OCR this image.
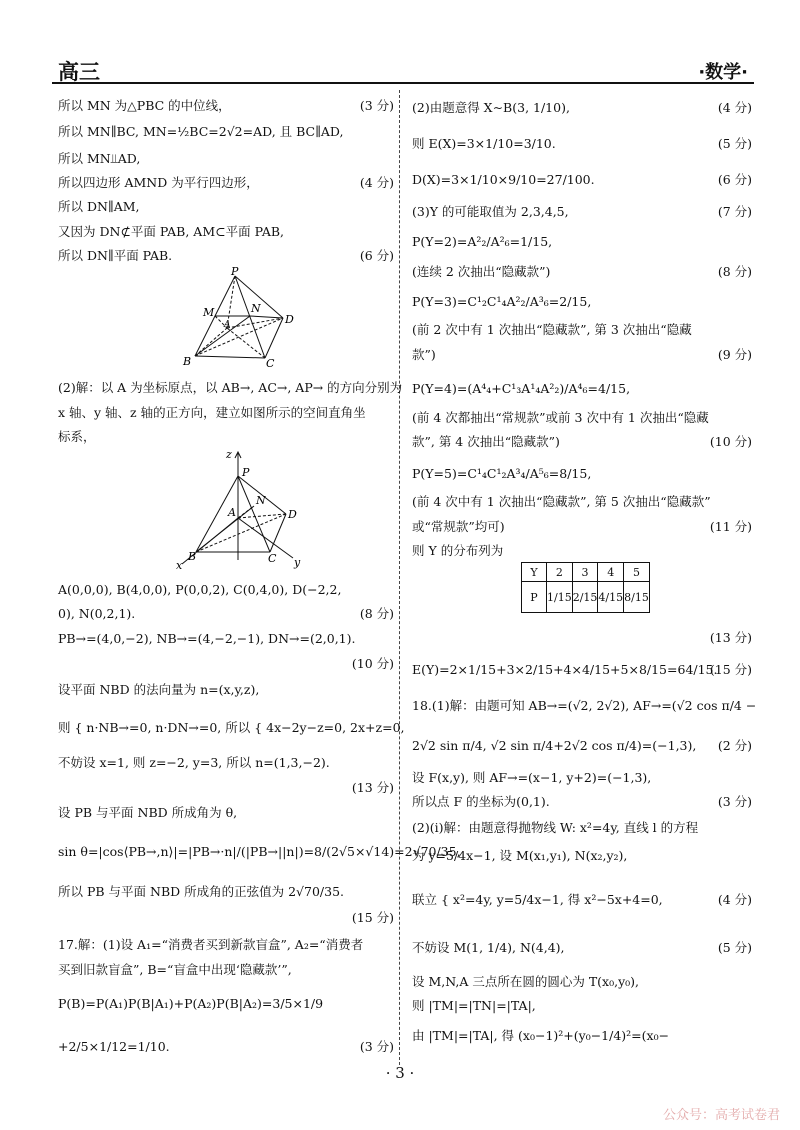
高三	·数学·
所以 MN 为△PBC 的中位线，	(3 分)
所以 MN∥BC, MN=½BC=2√2=AD, 且 BC∥AD,
所以 MN⫫AD,
所以四边形 AMND 为平行四边形，	(4 分)
所以 DN∥AM,
又因为 DN⊄平面 PAB, AM⊂平面 PAB,
所以 DN∥平面 PAB.	(6 分)
(2)解：以 A 为坐标原点，以 AB→, AC→, AP→ 的方向分别为
x 轴、y 轴、z 轴的正方向，建立如图所示的空间直角坐
标系，
A(0,0,0), B(4,0,0), P(0,0,2), C(0,4,0), D(−2,2,
0), N(0,2,1).	(8 分)
PB→=(4,0,−2), NB→=(4,−2,−1), DN→=(2,0,1).
(10 分)
设平面 NBD 的法向量为 n=(x,y,z),
则 { n·NB→=0, n·DN→=0, 所以 { 4x−2y−z=0, 2x+z=0,
不妨设 x=1, 则 z=−2, y=3, 所以 n=(1,3,−2).
(13 分)
设 PB 与平面 NBD 所成角为 θ,
sin θ=|cos⟨PB→,n⟩|=|PB→·n|/(|PB→||n|)=8/(2√5×√14)=2√70/35,
所以 PB 与平面 NBD 所成角的正弦值为 2√70/35.
(15 分)
17.解：(1)设 A₁=“消费者买到新款盲盒”, A₂=“消费者
买到旧款盲盒”, B=“盲盒中出现‘隐藏款’”,
P(B)=P(A₁)P(B|A₁)+P(A₂)P(B|A₂)=3/5×1/9
+2/5×1/12=1/10.	(3 分)
(2)由题意得 X∼B(3, 1/10),	(4 分)
则 E(X)=3×1/10=3/10.	(5 分)
D(X)=3×1/10×9/10=27/100.	(6 分)
(3)Y 的可能取值为 2,3,4,5,	(7 分)
P(Y=2)=A²₂/A²₆=1/15,
(连续 2 次抽出“隐藏款”)	(8 分)
P(Y=3)=C¹₂C¹₄A²₂/A³₆=2/15,
(前 2 次中有 1 次抽出“隐藏款”, 第 3 次抽出“隐藏
款”)	(9 分)
P(Y=4)=(A⁴₄+C¹₃A¹₄A²₂)/A⁴₆=4/15,
(前 4 次都抽出“常规款”或前 3 次中有 1 次抽出“隐藏
款”, 第 4 次抽出“隐藏款”)	(10 分)
P(Y=5)=C¹₄C¹₂A³₄/A⁵₆=8/15,
(前 4 次中有 1 次抽出“隐藏款”, 第 5 次抽出“隐藏款”
或“常规款”均可)	(11 分)
则 Y 的分布列为
(13 分)
E(Y)=2×1/15+3×2/15+4×4/15+5×8/15=64/15.
(15 分)
18.(1)解：由题可知 AB→=(√2, 2√2), AF→=(√2 cos π/4 −
2√2 sin π/4, √2 sin π/4+2√2 cos π/4)=(−1,3), (2 分)
设 F(x,y), 则 AF→=(x−1, y+2)=(−1,3),
所以点 F 的坐标为(0,1).	(3 分)
(2)(i)解：由题意得抛物线 W: x²=4y, 直线 l 的方程
为 y=5/4x−1, 设 M(x₁,y₁), N(x₂,y₂),
联立 { x²=4y, y=5/4x−1, 得 x²−5x+4=0,	(4 分)
不妨设 M(1, 1/4), N(4,4),	(5 分)
设 M,N,A 三点所在圆的圆心为 T(x₀,y₀),
则 |TM|=|TN|=|TA|,
由 |TM|=|TA|, 得 (x₀−1)²+(y₀−1/4)²=(x₀−
P
M	N
A
B	C
D
z
P
A
N
D
B	C
x	y
Y	2	3	4	5
P	1/15	2/15	4/15	8/15
· 3 ·
公众号：高考试卷君
